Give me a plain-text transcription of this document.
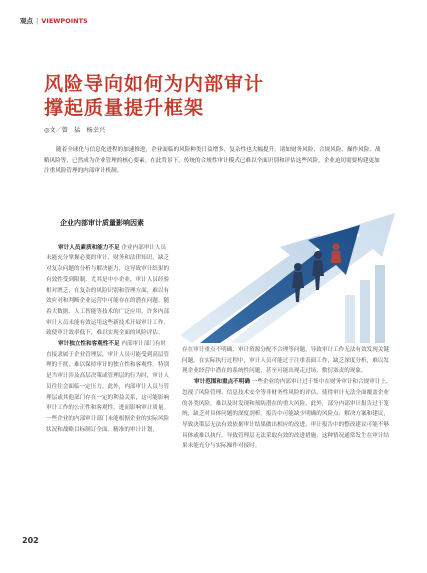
观点 | VIEWPOINTS
风险导向如何为内部审计
撑起质量提升框架
◎文／曾　猛　杨幸兴
随着全球化与信息化进程的加速推进，企业面临的风险种类日益增多，复杂性也大幅提升。诸如财务风险、合规风险、操作风险、战略风险等，已然成为企业管理的核心要素。在此背景下，传统的合规性审计模式已难以全面识别和评估这些风险，企业迫切需要构建更加注重风险管理的内部审计机制。
企业内部审计质量影响因素

审计人员素质和能力不足 企业内部审计人员未能充分掌握必要的审计、财务和法律知识，缺乏对复杂问题的分析与解决能力，这导致审计结果的有效性受到限制。尤其是中小企业，审计人员经验相对匮乏，在复杂的风险识别和管理方面，难以有效应对和判断企业运营中可能存在的潜在问题。随着大数据、人工智能等技术的广泛应用，许多内部审计人员未能有效运用这些新技术开展审计工作，致使审计效率低下，难以实现全面的风险评估。

审计独立性和客观性不足 内部审计部门有时直接隶属于企业管理层，审计人员可能受到高层管理的干扰，难以保持审计的独立性和客观性。特别是当审计涉及高层决策或管理层的行为时，审计人员往往会面临一定压力。此外，内部审计人员与管理层或其他部门存在一定的利益关系，这可能影响审计工作的公正性和客观性，进而影响审计质量。一些企业的内部审计部门未能根据企业的实际风险状况和战略目标制订全面、精准的审计计划，

存在审计重点不明确、审计资源分配不合理等问题，导致审计工作无法有效发现关键问题。在实际执行过程中，审计人员可能过于注重表面工作，缺乏深度分析，难以发现企业经营中潜在的系统性问题，甚至可能出现走过场、敷衍塞责的现象。

审计范围和重点不明确 一些企业的内部审计过于集中在财务审计和合规审计上，忽视了风险管理、信息技术安全等非财务性风险的评估，使得审计无法全面覆盖企业的各类风险，难以及时发现和预防潜在的重大风险。此外，部分内部审计报告过于笼统，缺乏对具体问题的深度剖析。报告中可能缺少明确的风险点、解决方案和建议，导致决策层无法有效依据审计结果做出相应的改进。审计报告中的整改建议可能不够具体或难以执行，导致管理层无法采取有效的改进措施，这种情况通常发生在审计结果未能充分与实际操作对接时。

202
